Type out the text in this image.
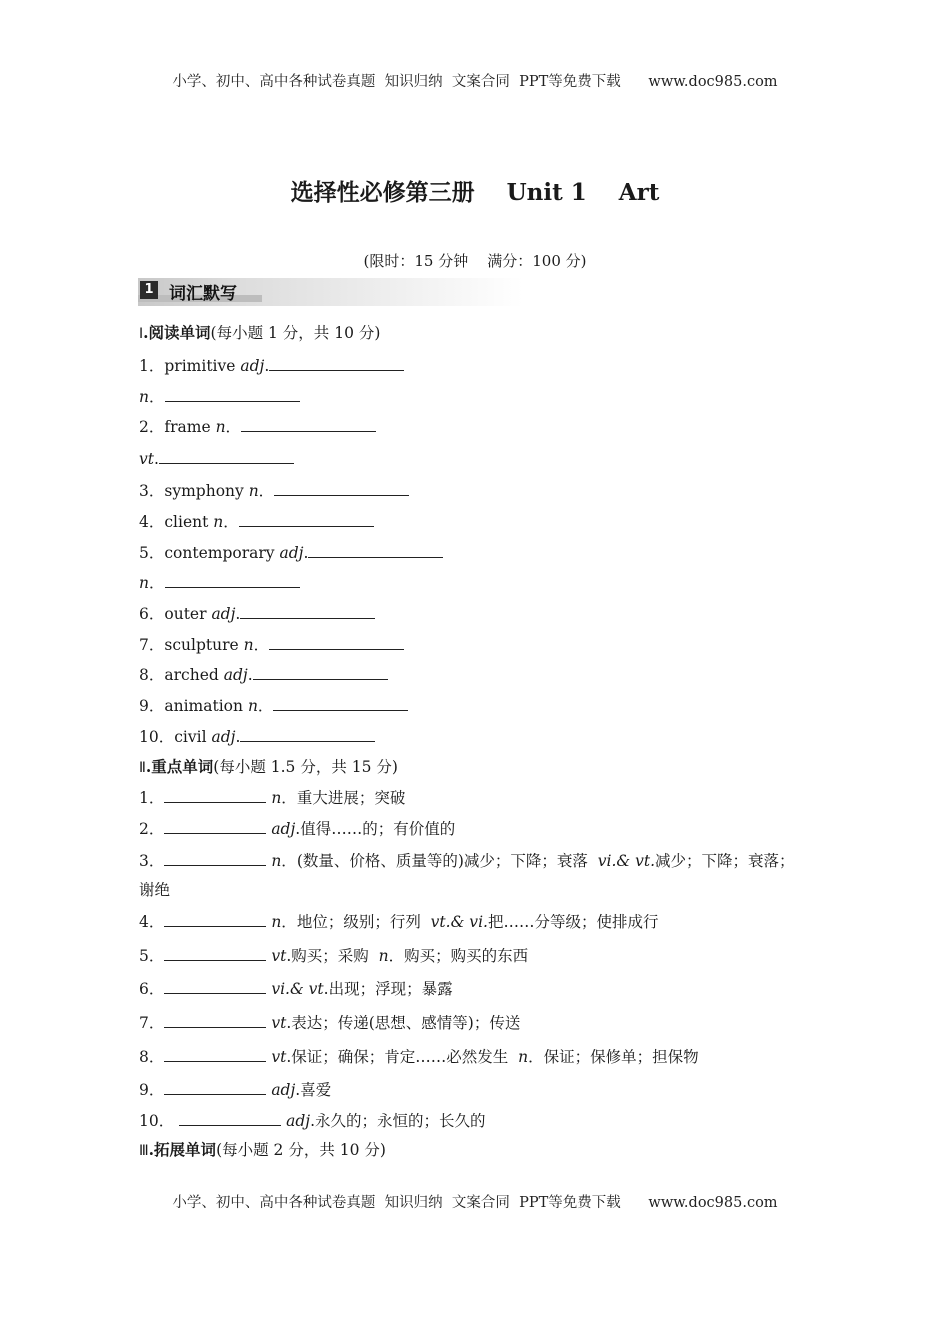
小学、初中、高中各种试卷真题  知识归纳  文案合同  PPT等免费下载      www.doc985.com
选择性必修第三册    Unit 1    Art
(限时：15 分钟    满分：100 分)
1 词汇默写
Ⅰ.阅读单词(每小题 1 分，共 10 分)
1．primitive adj.
n．
2．frame n．
vt.
3．symphony n．
4．client n．
5．contemporary adj.
n．
6．outer adj.
7．sculpture n．
8．arched adj.
9．animation n．
10．civil adj.
Ⅱ.重点单词(每小题 1.5 分，共 15 分)
1．	n．重大进展；突破
2．	adj.值得……的；有价值的
3．	n．(数量、价格、质量等的)减少；下降；衰落  vi.& vt.减少；下降；衰落；
谢绝
4．	n．地位；级别；行列  vt.& vi.把……分等级；使排成行
5．	vt.购买；采购  n．购买；购买的东西
6．	vi.& vt.出现；浮现；暴露
7．	vt.表达；传递(思想、感情等)；传送
8．	vt.保证；确保；肯定……必然发生  n．保证；保修单；担保物
9．	adj.喜爱
10．	adj.永久的；永恒的；长久的
Ⅲ.拓展单词(每小题 2 分，共 10 分)
小学、初中、高中各种试卷真题  知识归纳  文案合同  PPT等免费下载      www.doc985.com
